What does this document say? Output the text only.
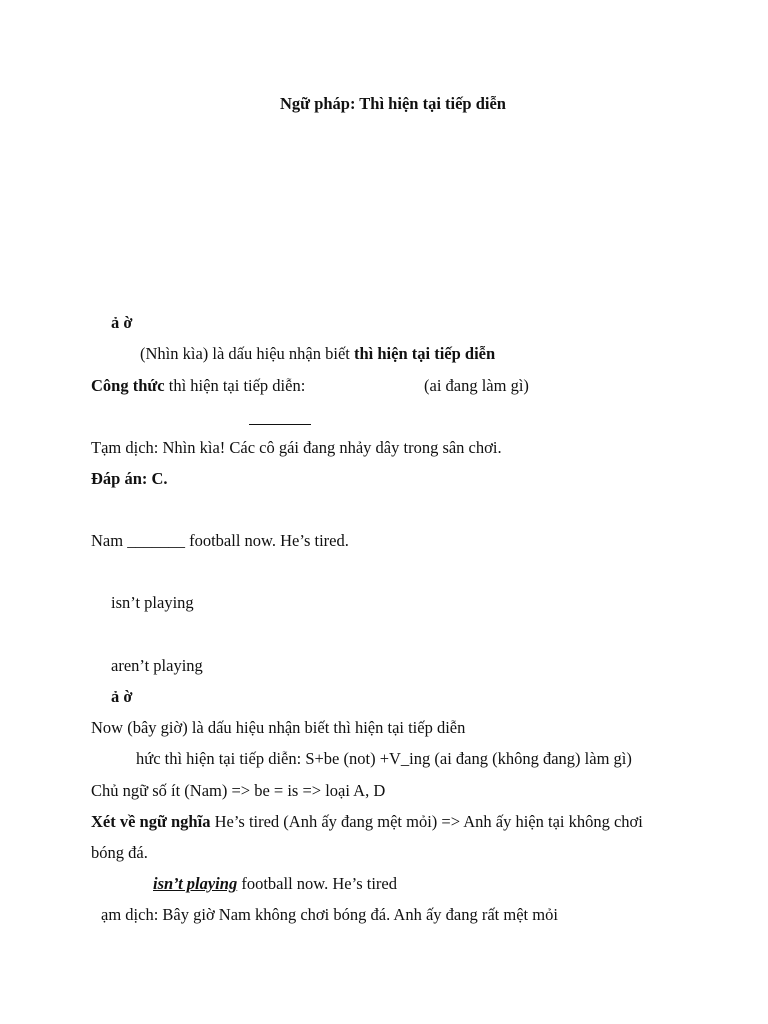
Ngữ pháp: Thì hiện tại tiếp diễn
ả ờ
(Nhìn kìa) là dấu hiệu nhận biết thì hiện tại tiếp diễn
Công thức thì hiện tại tiếp diễn:	(ai đang làm gì)
Tạm dịch: Nhìn kìa! Các cô gái đang nhảy dây trong sân chơi.
Đáp án: C.
Nam _______ football now. He’s tired.
isn’t playing
aren’t playing
ả ờ
Now (bây giờ) là dấu hiệu nhận biết thì hiện tại tiếp diễn
hức thì hiện tại tiếp diễn: S+be (not) +V_ing (ai đang (không đang) làm gì)
Chủ ngữ số ít (Nam) => be = is => loại A, D
Xét về ngữ nghĩa He’s tired (Anh ấy đang mệt mỏi) => Anh ấy hiện tại không chơi
bóng đá.
isn’t playing football now. He’s tired
ạm dịch: Bây giờ Nam không chơi bóng đá. Anh ấy đang rất mệt mỏi
